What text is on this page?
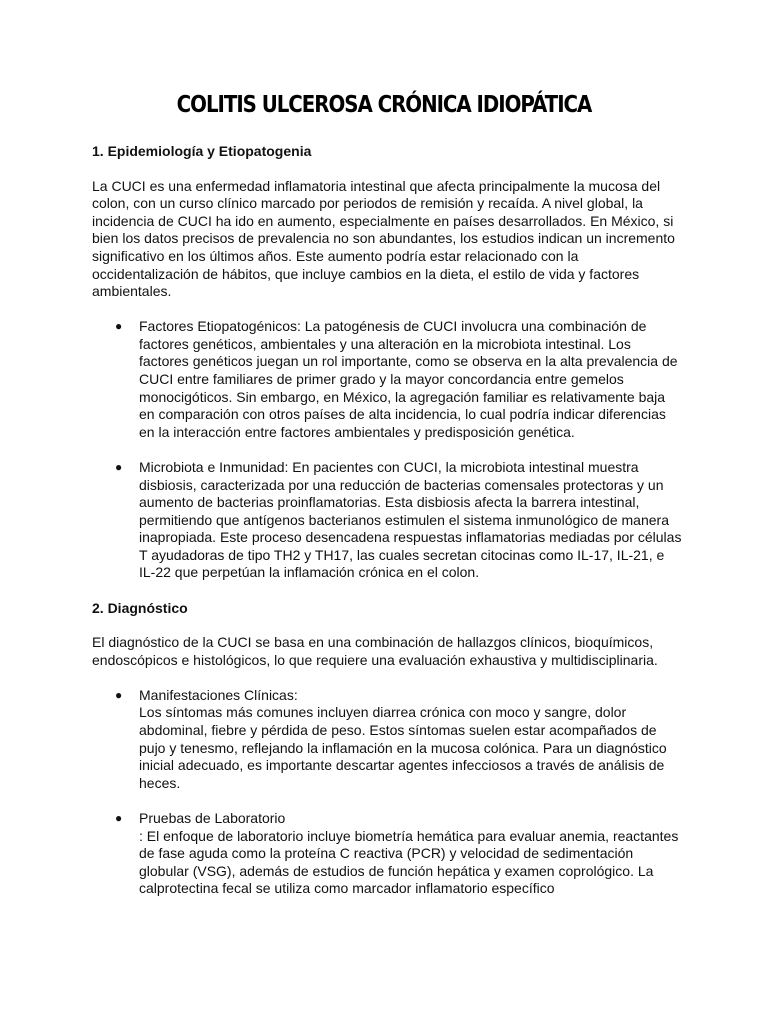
COLITIS ULCEROSA CRÓNICA IDIOPÁTICA

1. Epidemiología y Etiopatogenia

La CUCI es una enfermedad inflamatoria intestinal que afecta principalmente la mucosa del colon, con un curso clínico marcado por periodos de remisión y recaída. A nivel global, la incidencia de CUCI ha ido en aumento, especialmente en países desarrollados. En México, si bien los datos precisos de prevalencia no son abundantes, los estudios indican un incremento significativo en los últimos años. Este aumento podría estar relacionado con la occidentalización de hábitos, que incluye cambios en la dieta, el estilo de vida y factores ambientales.

● Factores Etiopatogénicos: La patogénesis de CUCI involucra una combinación de factores genéticos, ambientales y una alteración en la microbiota intestinal. Los factores genéticos juegan un rol importante, como se observa en la alta prevalencia de CUCI entre familiares de primer grado y la mayor concordancia entre gemelos monocigóticos. Sin embargo, en México, la agregación familiar es relativamente baja en comparación con otros países de alta incidencia, lo cual podría indicar diferencias en la interacción entre factores ambientales y predisposición genética.
● Microbiota e Inmunidad: En pacientes con CUCI, la microbiota intestinal muestra disbiosis, caracterizada por una reducción de bacterias comensales protectoras y un aumento de bacterias proinflamatorias. Esta disbiosis afecta la barrera intestinal, permitiendo que antígenos bacterianos estimulen el sistema inmunológico de manera inapropiada. Este proceso desencadena respuestas inflamatorias mediadas por células T ayudadoras de tipo TH2 y TH17, las cuales secretan citocinas como IL-17, IL-21, e IL-22 que perpetúan la inflamación crónica en el colon.

2. Diagnóstico

El diagnóstico de la CUCI se basa en una combinación de hallazgos clínicos, bioquímicos, endoscópicos e histológicos, lo que requiere una evaluación exhaustiva y multidisciplinaria.

● Manifestaciones Clínicas:
Los síntomas más comunes incluyen diarrea crónica con moco y sangre, dolor abdominal, fiebre y pérdida de peso. Estos síntomas suelen estar acompañados de pujo y tenesmo, reflejando la inflamación en la mucosa colónica. Para un diagnóstico inicial adecuado, es importante descartar agentes infecciosos a través de análisis de heces.
● Pruebas de Laboratorio
: El enfoque de laboratorio incluye biometría hemática para evaluar anemia, reactantes de fase aguda como la proteína C reactiva (PCR) y velocidad de sedimentación globular (VSG), además de estudios de función hepática y examen coprológico. La calprotectina fecal se utiliza como marcador inflamatorio específico
